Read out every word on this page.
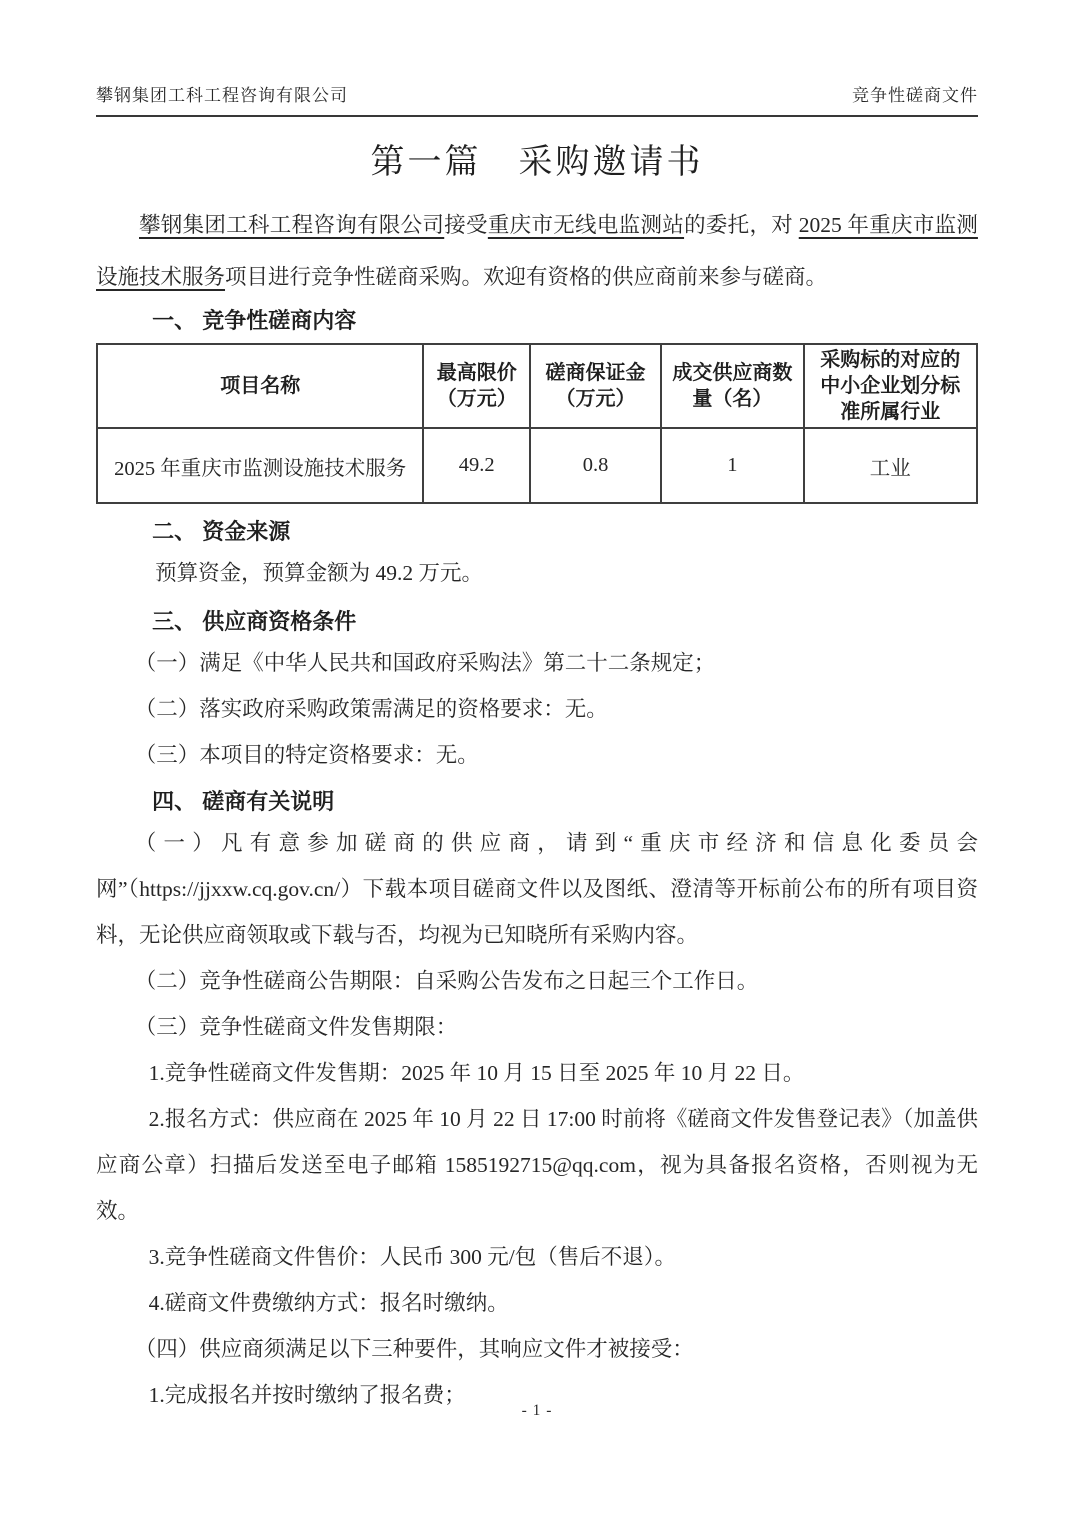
攀钢集团工科工程咨询有限公司	竞争性磋商文件
第一篇　采购邀请书

攀钢集团工科工程咨询有限公司接受重庆市无线电监测站的委托，对 2025 年重庆市监测设施技术服务项目进行竞争性磋商采购。欢迎有资格的供应商前来参与磋商。

一、 竞争性磋商内容

项目名称	最高限价（万元）	磋商保证金（万元）	成交供应商数量（名）	采购标的对应的中小企业划分标准所属行业
2025 年重庆市监测设施技术服务	49.2	0.8	1	工业

二、 资金来源

预算资金，预算金额为 49.2 万元。

三、 供应商资格条件

（一）满足《中华人民共和国政府采购法》第二十二条规定；

（二）落实政府采购政策需满足的资格要求：无。

（三）本项目的特定资格要求：无。

四、 磋商有关说明

（一）凡有意参加磋商的供应商，请到“重庆市经济和信息化委员会网”（https://jjxxw.cq.gov.cn/）下载本项目磋商文件以及图纸、澄清等开标前公布的所有项目资料，无论供应商领取或下载与否，均视为已知晓所有采购内容。

（二）竞争性磋商公告期限：自采购公告发布之日起三个工作日。

（三）竞争性磋商文件发售期限：

1.竞争性磋商文件发售期：2025 年 10 月 15 日至 2025 年 10 月 22 日。

2.报名方式：供应商在 2025 年 10 月 22 日 17:00 时前将《磋商文件发售登记表》（加盖供应商公章）扫描后发送至电子邮箱 1585192715@qq.com，视为具备报名资格，否则视为无效。

3.竞争性磋商文件售价：人民币 300 元/包（售后不退）。

4.磋商文件费缴纳方式：报名时缴纳。

（四）供应商须满足以下三种要件，其响应文件才被接受：

1.完成报名并按时缴纳了报名费；

- 1 -
